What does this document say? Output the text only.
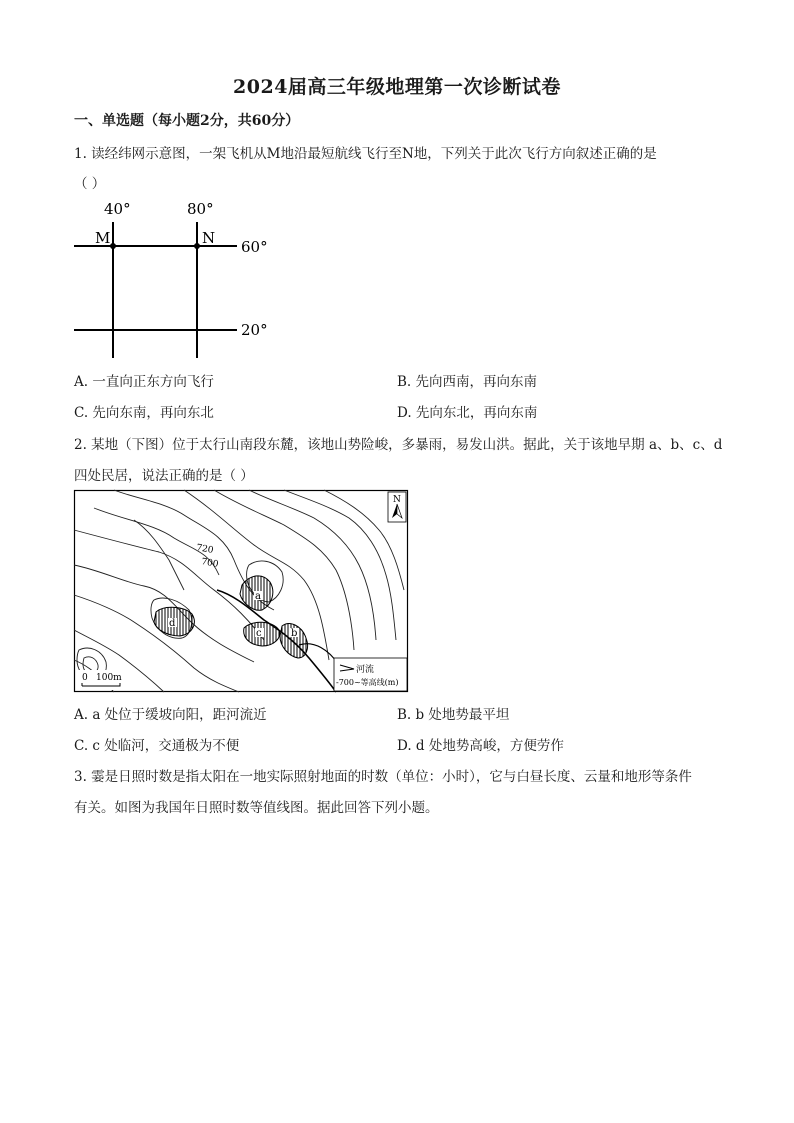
2024届高三年级地理第一次诊断试卷
一、单选题（每小题2分，共60分）
1. 读经纬网示意图，一架飞机从M地沿最短航线飞行至N地，下列关于此次飞行方向叙述正确的是
（ ）
40°	80°
60°
20°
M	N
A. 一直向正东方向飞行	B. 先向西南，再向东南
C. 先向东南，再向东北	D. 先向东北，再向东南
2. 某地（下图）位于太行山南段东麓，该地山势险峻，多暴雨，易发山洪。据此，关于该地早期 a、b、c、d
四处民居，说法正确的是（ ）
a
c	b
d
720
700
N
河流
-700~等高线(m)
0 100m
A. a 处位于缓坡向阳，距河流近	B. b 处地势最平坦
C. c 处临河，交通极为不便	D. d 处地势高峻，方便劳作
3. 霎是日照时数是指太阳在一地实际照射地面的时数（单位：小时），它与白昼长度、云量和地形等条件
有关。如图为我国年日照时数等值线图。据此回答下列小题。
